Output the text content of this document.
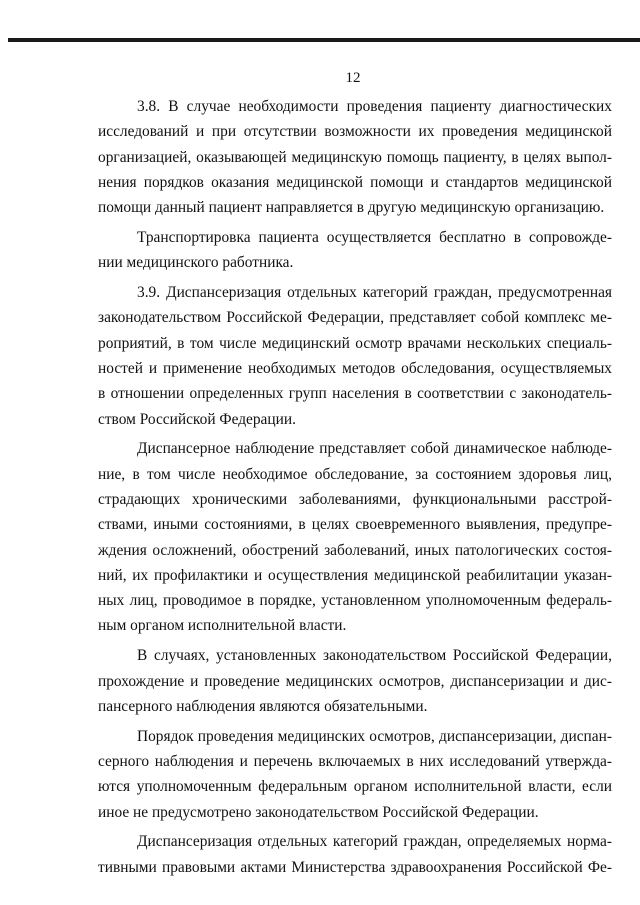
12

3.8. В случае необходимости проведения пациенту диагностических
исследований и при отсутствии возможности их проведения медицинской
организацией, оказывающей медицинскую помощь пациенту, в целях выпол-
нения порядков оказания медицинской помощи и стандартов медицинской
помощи данный пациент направляется в другую медицинскую организацию.

Транспортировка пациента осуществляется бесплатно в сопровожде-
нии медицинского работника.

3.9. Диспансеризация отдельных категорий граждан, предусмотренная
законодательством Российской Федерации, представляет собой комплекс ме-
роприятий, в том числе медицинский осмотр врачами нескольких специаль-
ностей и применение необходимых методов обследования, осуществляемых
в отношении определенных групп населения в соответствии с законодатель-
ством Российской Федерации.

Диспансерное наблюдение представляет собой динамическое наблюде-
ние, в том числе необходимое обследование, за состоянием здоровья лиц,
страдающих хроническими заболеваниями, функциональными расстрой-
ствами, иными состояниями, в целях своевременного выявления, предупре-
ждения осложнений, обострений заболеваний, иных патологических состоя-
ний, их профилактики и осуществления медицинской реабилитации указан-
ных лиц, проводимое в порядке, установленном уполномоченным федераль-
ным органом исполнительной власти.

В случаях, установленных законодательством Российской Федерации,
прохождение и проведение медицинских осмотров, диспансеризации и дис-
пансерного наблюдения являются обязательными.

Порядок проведения медицинских осмотров, диспансеризации, диспан-
серного наблюдения и перечень включаемых в них исследований утвержда-
ются уполномоченным федеральным органом исполнительной власти, если
иное не предусмотрено законодательством Российской Федерации.

Диспансеризация отдельных категорий граждан, определяемых норма-
тивными правовыми актами Министерства здравоохранения Российской Фе-
